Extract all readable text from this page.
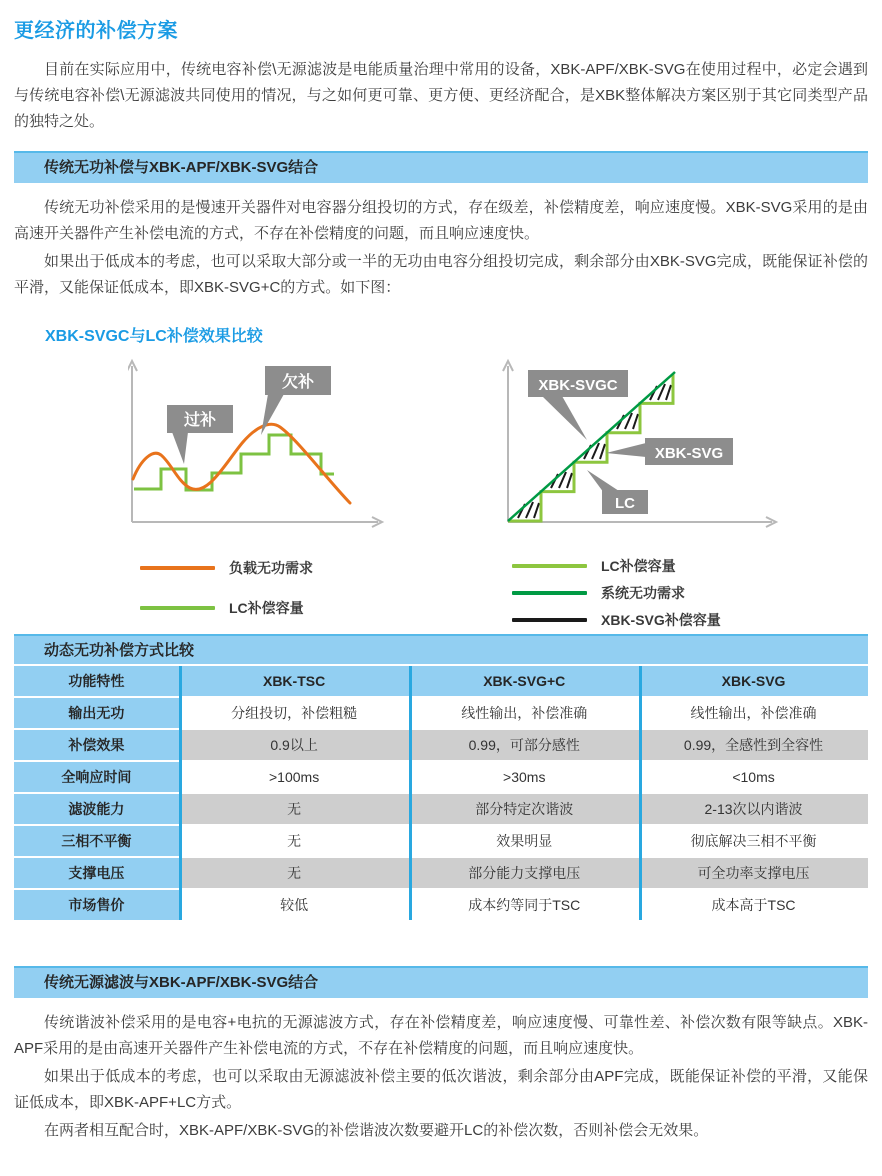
更经济的补偿方案

目前在实际应用中，传统电容补偿\无源滤波是电能质量治理中常用的设备，XBK-APF/XBK-SVG在使用过程中，必定会遇到与传统电容补偿\无源滤波共同使用的情况，与之如何更可靠、更方便、更经济配合，是XBK整体解决方案区别于其它同类型产品的独特之处。

传统无功补偿与XBK-APF/XBK-SVG结合

传统无功补偿采用的是慢速开关器件对电容器分组投切的方式，存在级差，补偿精度差，响应速度慢。XBK-SVG采用的是由高速开关器件产生补偿电流的方式，不存在补偿精度的问题，而且响应速度快。

如果出于低成本的考虑，也可以采取大部分或一半的无功由电容分组投切完成，剩余部分由XBK-SVG完成，既能保证补偿的平滑，又能保证低成本，即XBK-SVG+C的方式。如下图：

XBK-SVGC与LC补偿效果比较
过补
欠补
负载无功需求
LC补偿容量
XBK-SVGC
XBK-SVG
LC
LC补偿容量
系统无功需求
XBK-SVG补偿容量
动态无功补偿方式比较
功能特性	XBK-TSC	XBK-SVG+C	XBK-SVG
输出无功	分组投切，补偿粗糙	线性输出，补偿准确	线性输出，补偿准确
补偿效果	0.9以上	0.99，可部分感性	0.99，全感性到全容性
全响应时间	>100ms	>30ms	<10ms
滤波能力	无	部分特定次谐波	2-13次以内谐波
三相不平衡	无	效果明显	彻底解决三相不平衡
支撑电压	无	部分能力支撑电压	可全功率支撑电压
市场售价	较低	成本约等同于TSC	成本高于TSC
传统无源滤波与XBK-APF/XBK-SVG结合

传统谐波补偿采用的是电容+电抗的无源滤波方式，存在补偿精度差，响应速度慢、可靠性差、补偿次数有限等缺点。XBK-APF采用的是由高速开关器件产生补偿电流的方式，不存在补偿精度的问题，而且响应速度快。

如果出于低成本的考虑，也可以采取由无源滤波补偿主要的低次谐波，剩余部分由APF完成，既能保证补偿的平滑，又能保证低成本，即XBK-APF+LC方式。

在两者相互配合时，XBK-APF/XBK-SVG的补偿谐波次数要避开LC的补偿次数，否则补偿会无效果。
